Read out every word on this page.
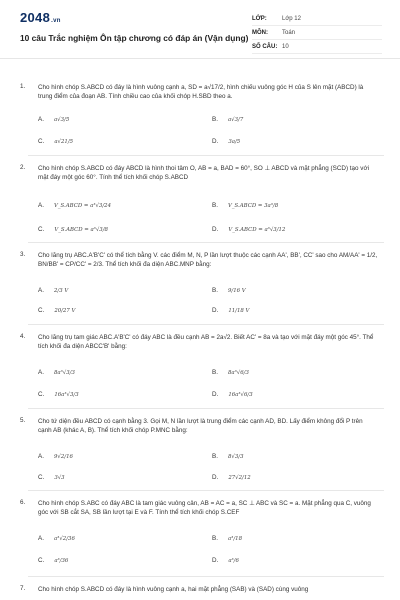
2048.vn
10 câu Trắc nghiệm Ôn tập chương có đáp án (Vận dụng)
LỚP:	Lớp 12
MÔN:	Toán
SỐ CÂU: 10
1. Cho hình chóp S.ABCD có đáy là hình vuông cạnh a, SD = a√17/2, hình chiếu vuông góc H của S lên mặt (ABCD) là trung điểm của đoạn AB. Tính chiều cao của khối chóp H.SBD theo a.
A. a√3/5	B. a√3/7
C. a√21/5	D. 3a/5
2. Cho hình chóp S.ABCD có đáy ABCD là hình thoi tâm O, AB = a, BAD = 60°, SO ⊥ ABCD và mặt phẳng (SCD) tạo với mặt đáy một góc 60°. Tính thể tích khối chóp S.ABCD
A. V_S.ABCD = a³√3/24	B. V_S.ABCD = 3a³/8
C. V_S.ABCD = a³√3/8	D. V_S.ABCD = a³√3/12
3. Cho lăng trụ ABC.A'B'C' có thể tích bằng V. các điểm M, N, P lần lượt thuộc các cạnh AA', BB', CC' sao cho AM/AA' = 1/2, BN/BB' = CP/CC' = 2/3. Thể tích khối đa diện ABC.MNP bằng:
A. 2/3 V	B. 9/16 V
C. 20/27 V	D. 11/18 V
4. Cho lăng trụ tam giác ABC.A'B'C' có đáy ABC là đều cạnh AB = 2a√2. Biết AC' = 8a và tạo với mặt đáy một góc 45°. Thể tích khối đa diện ABCC'B' bằng:
A. 8a³√3/3	B. 8a³√6/3
C. 16a³√3/3	D. 16a³√6/3
5. Cho tứ diện đều ABCD có cạnh bằng 3. Gọi M, N lần lượt là trung điểm các cạnh AD, BD. Lấy điểm không đổi P trên cạnh AB (khác A, B). Thể tích khối chóp P.MNC bằng:
A. 9√2/16	B. 8√3/3
C. 3√3	D. 27√2/12
6. Cho hình chóp S.ABC có đáy ABC là tam giác vuông cân, AB = AC = a, SC ⊥ ABC và SC = a. Mặt phẳng qua C, vuông góc với SB cắt SA, SB lần lượt tại E và F. Tính thể tích khối chóp S.CEF
A. a³√2/36	B. a³/18
C. a³/36	D. a³/6
7. Cho hình chóp S.ABCD có đáy là hình vuông cạnh a, hai mặt phẳng (SAB) và (SAD) cùng vuông
